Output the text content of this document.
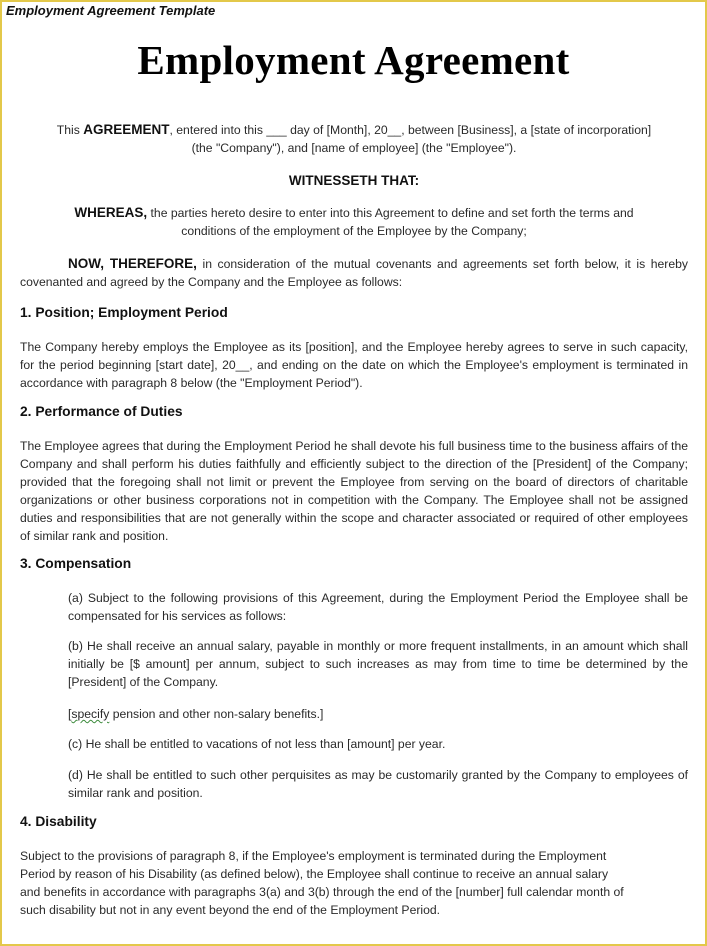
Employment Agreement Template
Employment Agreement
This AGREEMENT, entered into this ___ day of [Month], 20__, between [Business], a [state of incorporation]
(the "Company"), and [name of employee] (the "Employee").
WITNESSETH THAT:
WHEREAS, the parties hereto desire to enter into this Agreement to define and set forth the terms and
conditions of the employment of the Employee by the Company;
NOW, THEREFORE, in consideration of the mutual covenants and agreements set forth below, it is hereby covenanted and agreed by the Company and the Employee as follows:
1. Position; Employment Period
The Company hereby employs the Employee as its [position], and the Employee hereby agrees to serve in such capacity, for the period beginning [start date], 20__, and ending on the date on which the Employee's employment is terminated in accordance with paragraph 8 below (the "Employment Period").
2. Performance of Duties
The Employee agrees that during the Employment Period he shall devote his full business time to the business affairs of the Company and shall perform his duties faithfully and efficiently subject to the direction of the [President] of the Company; provided that the foregoing shall not limit or prevent the Employee from serving on the board of directors of charitable organizations or other business corporations not in competition with the Company. The Employee shall not be assigned duties and responsibilities that are not generally within the scope and character associated or required of other employees of similar rank and position.
3. Compensation
(a) Subject to the following provisions of this Agreement, during the Employment Period the Employee shall be compensated for his services as follows:
(b) He shall receive an annual salary, payable in monthly or more frequent installments, in an amount which shall initially be [$ amount] per annum, subject to such increases as may from time to time be determined by the [President] of the Company.
[specify pension and other non-salary benefits.]
(c) He shall be entitled to vacations of not less than [amount] per year.
(d) He shall be entitled to such other perquisites as may be customarily granted by the Company to employees of similar rank and position.
4. Disability
Subject to the provisions of paragraph 8, if the Employee's employment is terminated during the Employment
Period by reason of his Disability (as defined below), the Employee shall continue to receive an annual salary
and benefits in accordance with paragraphs 3(a) and 3(b) through the end of the [number] full calendar month of
such disability but not in any event beyond the end of the Employment Period.
